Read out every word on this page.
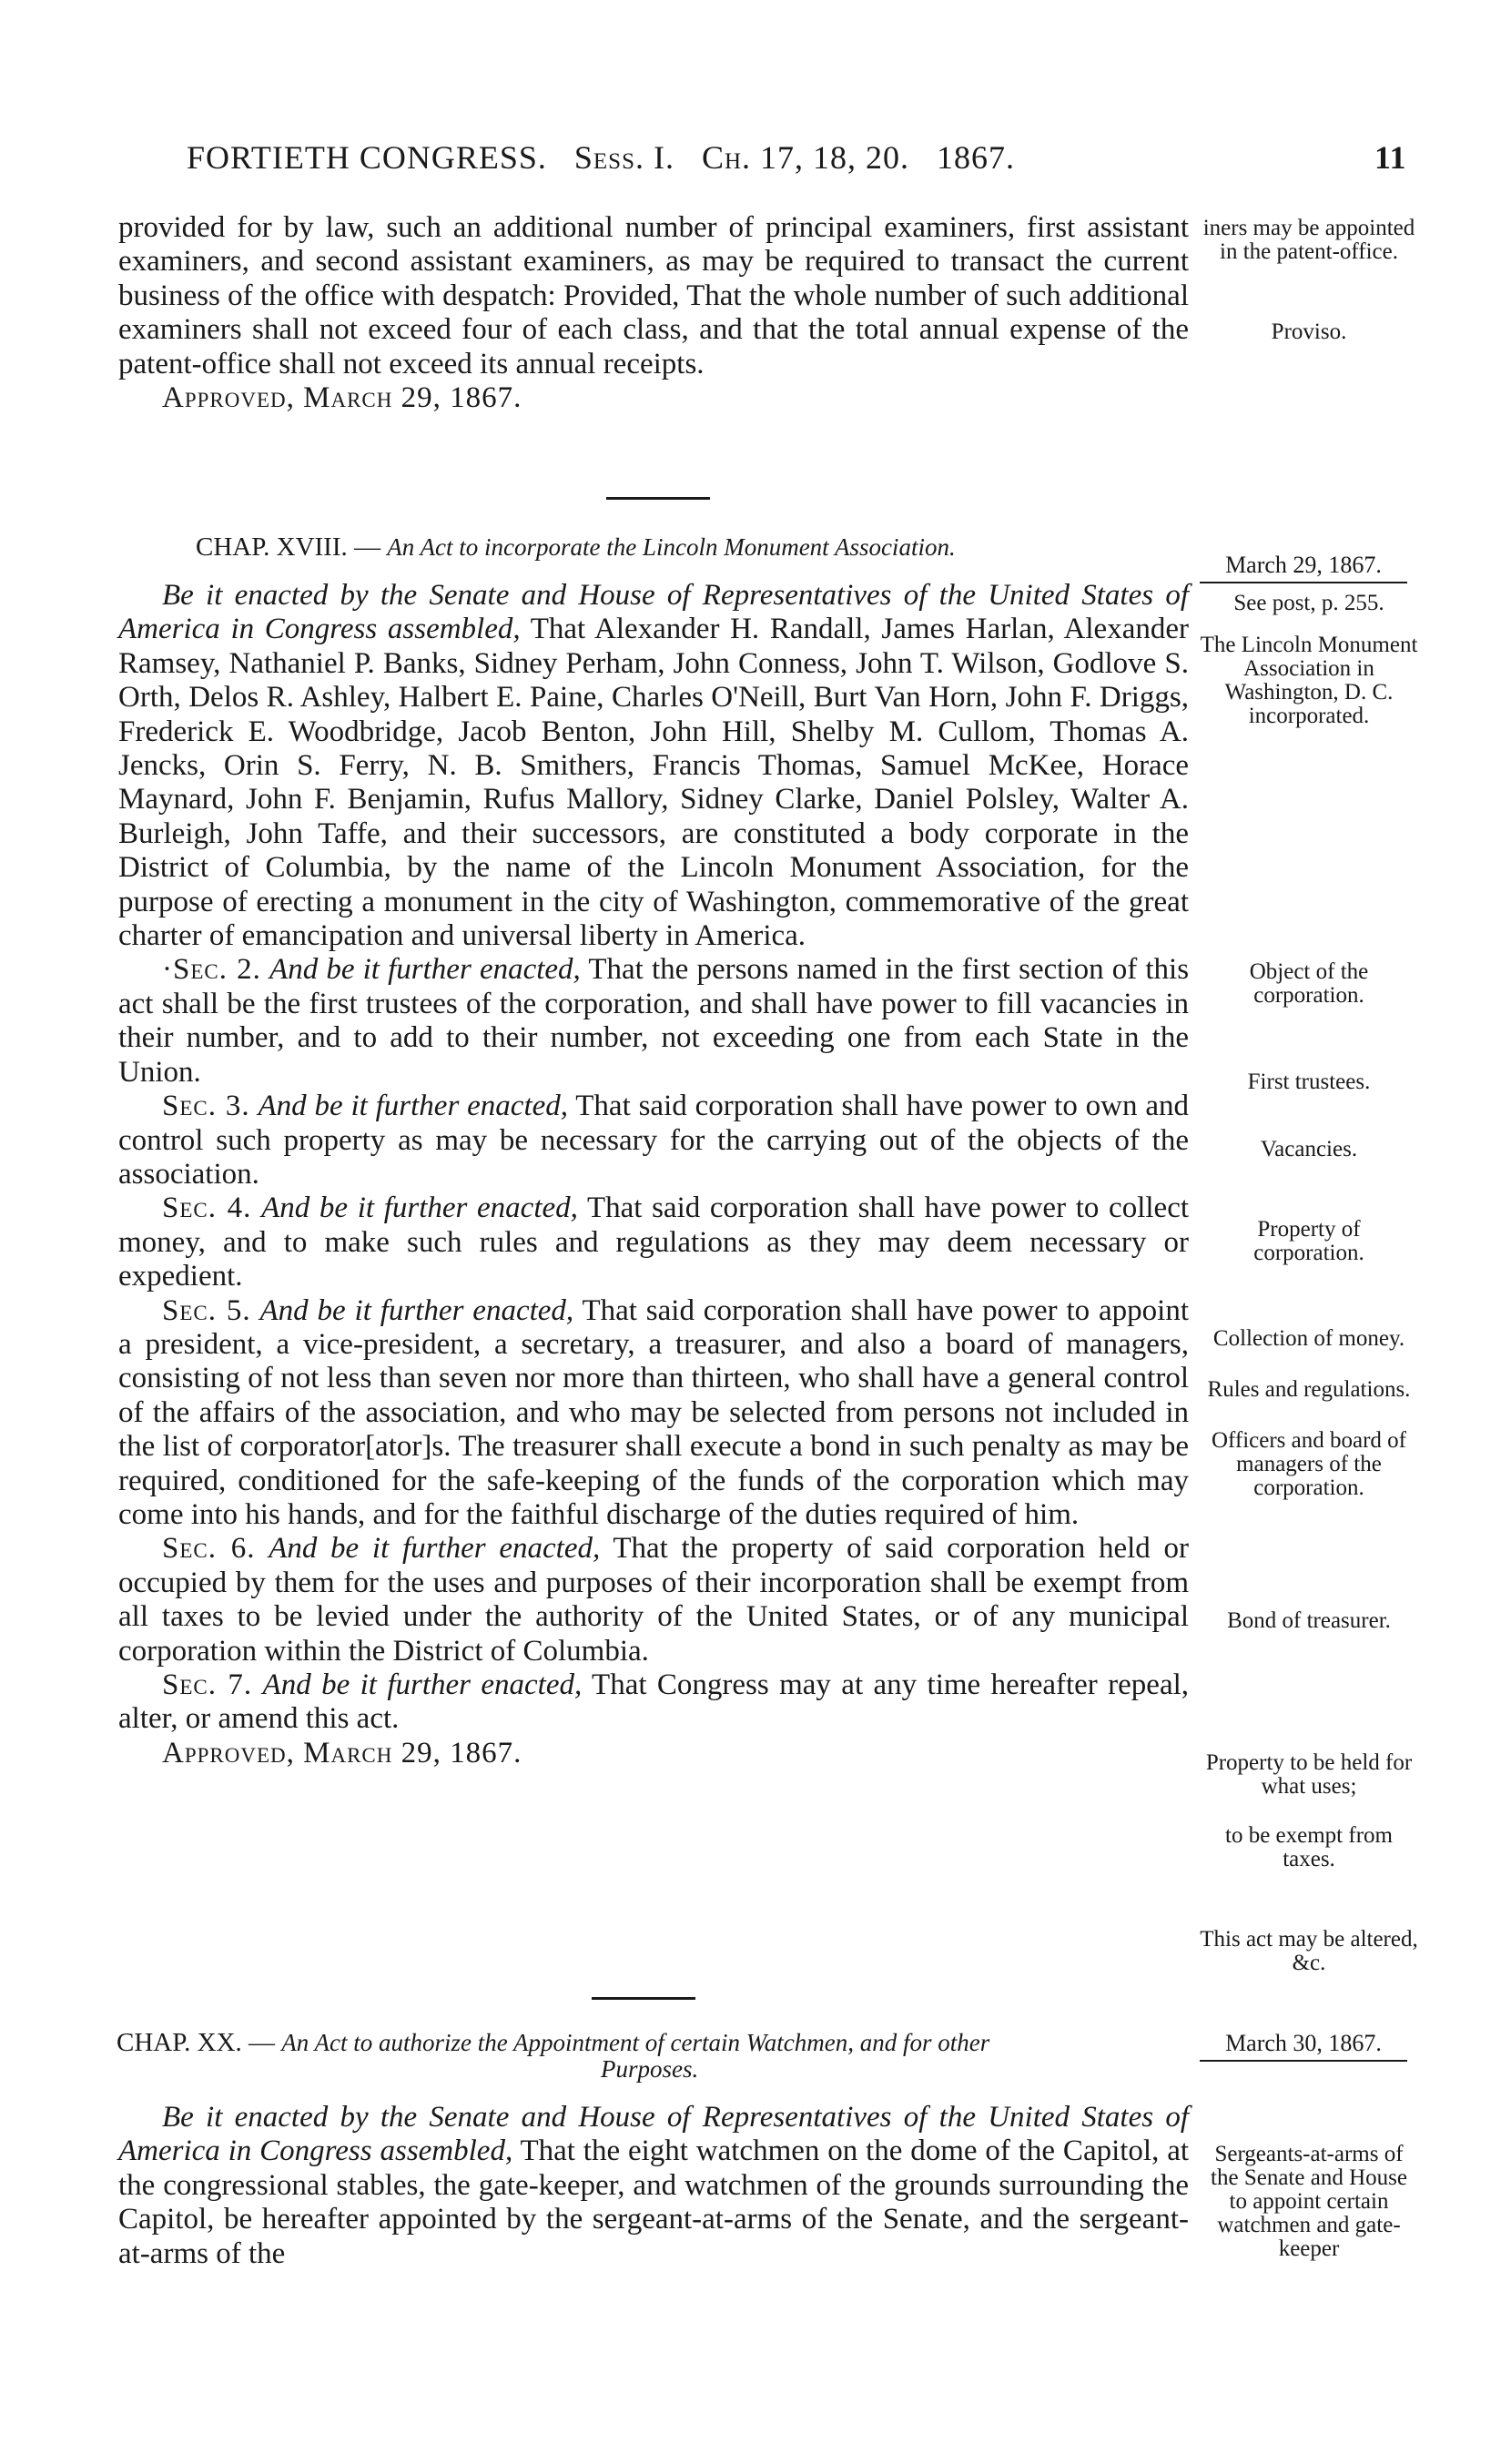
FORTIETH CONGRESS.   Sess. I.   Ch. 17, 18, 20.   1867.	11

provided for by law, such an additional number of principal examiners, first assistant examiners, and second assistant examiners, as may be required to transact the current business of the office with despatch: Provided, That the whole number of such additional examiners shall not exceed four of each class, and that the total annual expense of the patent-office shall not exceed its annual receipts.

Approved, March 29, 1867.

iners may be appointed in the patent-office.
Proviso.
CHAP. XVIII. — An Act to incorporate the Lincoln Monument Association.
March 29, 1867.
See post, p. 255.
The Lincoln Monument Association in Washington, D. C. incorporated.

Be it enacted by the Senate and House of Representatives of the United States of America in Congress assembled, That Alexander H. Randall, James Harlan, Alexander Ramsey, Nathaniel P. Banks, Sidney Perham, John Conness, John T. Wilson, Godlove S. Orth, Delos R. Ashley, Halbert E. Paine, Charles O'Neill, Burt Van Horn, John F. Driggs, Frederick E. Woodbridge, Jacob Benton, John Hill, Shelby M. Cullom, Thomas A. Jencks, Orin S. Ferry, N. B. Smithers, Francis Thomas, Samuel McKee, Horace Maynard, John F. Benjamin, Rufus Mallory, Sidney Clarke, Daniel Polsley, Walter A. Burleigh, John Taffe, and their successors, are constituted a body corporate in the District of Columbia, by the name of the Lincoln Monument Association, for the purpose of erecting a monument in the city of Washington, commemorative of the great charter of emancipation and universal liberty in America.

·Sec. 2. And be it further enacted, That the persons named in the first section of this act shall be the first trustees of the corporation, and shall have power to fill vacancies in their number, and to add to their number, not exceeding one from each State in the Union.

Sec. 3. And be it further enacted, That said corporation shall have power to own and control such property as may be necessary for the carrying out of the objects of the association.

Sec. 4. And be it further enacted, That said corporation shall have power to collect money, and to make such rules and regulations as they may deem necessary or expedient.

Sec. 5. And be it further enacted, That said corporation shall have power to appoint a president, a vice-president, a secretary, a treasurer, and also a board of managers, consisting of not less than seven nor more than thirteen, who shall have a general control of the affairs of the association, and who may be selected from persons not included in the list of corporator[ator]s. The treasurer shall execute a bond in such penalty as may be required, conditioned for the safe-keeping of the funds of the corporation which may come into his hands, and for the faithful discharge of the duties required of him.

Sec. 6. And be it further enacted, That the property of said corporation held or occupied by them for the uses and purposes of their incorporation shall be exempt from all taxes to be levied under the authority of the United States, or of any municipal corporation within the District of Columbia.

Sec. 7. And be it further enacted, That Congress may at any time hereafter repeal, alter, or amend this act.

Approved, March 29, 1867.

Object of the corporation.
First trustees.
Vacancies.
Property of corporation.
Collection of money.
Rules and regulations.
Officers and board of managers of the corporation.
Bond of treasurer.
Property to be held for what uses;
to be exempt from taxes.
This act may be altered, &c.
CHAP. XX. — An Act to authorize the Appointment of certain Watchmen, and for other
Purposes.
March 30, 1867.

Be it enacted by the Senate and House of Representatives of the United States of America in Congress assembled, That the eight watchmen on the dome of the Capitol, at the congressional stables, the gate-keeper, and watchmen of the grounds surrounding the Capitol, be hereafter appointed by the sergeant-at-arms of the Senate, and the sergeant-at-arms of the

Sergeants-at-arms of the Senate and House to appoint certain watchmen and gate-keeper
